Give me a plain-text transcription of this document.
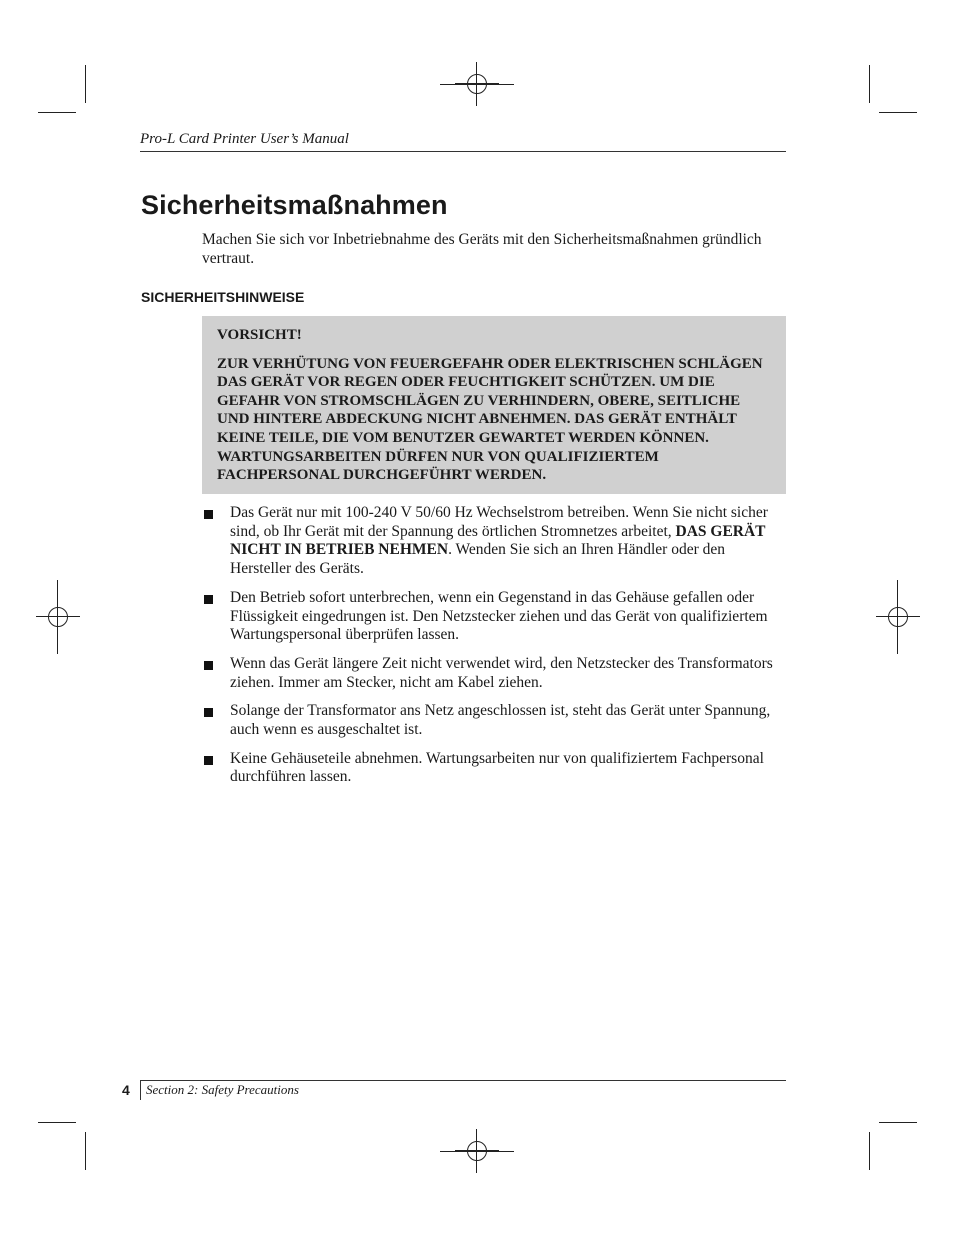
Pro-L Card Printer User’s Manual
Sicherheitsmaßnahmen

Machen Sie sich vor Inbetriebnahme des Geräts mit den Sicherheitsmaßnahmen gründlich vertraut.

SICHERHEITSHINWEISE

VORSICHT!

ZUR VERHÜTUNG VON FEUERGEFAHR ODER ELEKTRISCHEN SCHLÄGEN DAS GERÄT VOR REGEN ODER FEUCHTIGKEIT SCHÜTZEN. UM DIE GEFAHR VON STROMSCHLÄGEN ZU VERHINDERN, OBERE, SEITLICHE UND HINTERE ABDECKUNG NICHT ABNEHMEN. DAS GERÄT ENTHÄLT KEINE TEILE, DIE VOM BENUTZER GEWARTET WERDEN KÖNNEN. WARTUNGSARBEITEN DÜRFEN NUR VON QUALIFIZIERTEM FACHPERSONAL DURCHGEFÜHRT WERDEN.

Das Gerät nur mit 100-240 V 50/60 Hz Wechselstrom betreiben. Wenn Sie nicht sicher sind, ob Ihr Gerät mit der Spannung des örtlichen Stromnetzes arbeitet, DAS GERÄT NICHT IN BETRIEB NEHMEN. Wenden Sie sich an Ihren Händler oder den Hersteller des Geräts.
Den Betrieb sofort unterbrechen, wenn ein Gegenstand in das Gehäuse gefallen oder Flüssigkeit eingedrungen ist. Den Netzstecker ziehen und das Gerät von qualifiziertem Wartungspersonal überprüfen lassen.
Wenn das Gerät längere Zeit nicht verwendet wird, den Netzstecker des Transformators ziehen. Immer am Stecker, nicht am Kabel ziehen.
Solange der Transformator ans Netz angeschlossen ist, steht das Gerät unter Spannung, auch wenn es ausgeschaltet ist.
Keine Gehäuseteile abnehmen. Wartungsarbeiten nur von qualifiziertem Fachpersonal durchführen lassen.
4 Section 2: Safety Precautions
